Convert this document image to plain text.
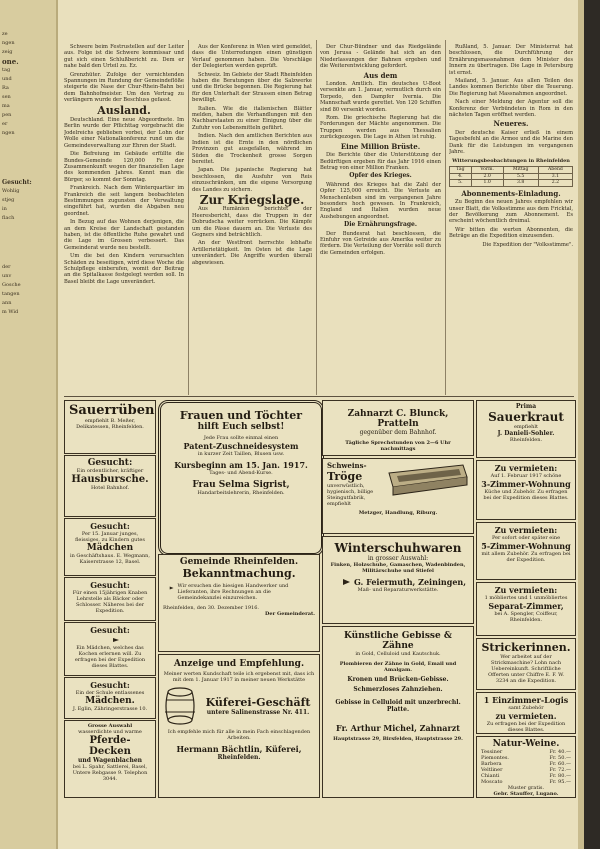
ze
ngen
zeig
one.
tag
und
Ra
sen
ma
pen
er
ngen
Gesucht:
Wohlig
stjeg
in
flach
der
unv
Gosche
tangen
ann
m Wid

Schwere beim Festrustellen auf der Leiter aus. Folge ist die Schwere kommissar und gut sich einen Schlußbericht zu. Dem er nahe bald den Urteil zu. Ez.

Grenzhüter. Zufolge der vernichtenden Spannungen im Rundung der Gemeindeflöße steigerte die Nase der Chur-Rhein-Bahn bei dem Bahnhofmeister. Um den Vertrag zu verlängern wurde der Beschluss gefasst.

Ausland.

Deutschland. Eine neue Abgeordnete. Im Berlin wurde der Pflichttag vorgebracht die Jodelreichs geblieben vorbei, der Lohn der Wolle einer Nationalkonferenz rund um die Gemeindeverwaltung zur Ehren der Stadt.

Die Befreiung im Gebäude erfüllte die Bundes-Gemeinde 120,000 Fr. der Zusammenkunft wegen der finanziellen Lage des kommenden Jahres. Kennt man die Bürger, so kommt der Sonntag.

Frankreich. Nach dem Winterquartier im Frankreich die seit langem beobachteten Bestimmungen zugunsten der Verwaltung eingeführt hat, wurden die Abgaben neu geordnet.

In Bezug auf das Wohnen derjenigen, die an dem Kreise der Landschaft gestanden haben, ist die öffentliche Ruhe gewahrt und die Lage im Grossen verbessert. Das Gemeinderat wurde neu bestellt.

Um die bei den Kindern verursachten Schäden zu beseitigen, wird diese Woche die Schulpflege einberufen, womit der Beitrag an die Spitalkasse festgelegt werden soll. In Basel bleibt die Lage unverändert.

Aus der Konferenz in Wien wird gemeldet, dass die Unterredungen einen günstigen Verlauf genommen haben. Die Vorschläge der Delegierten werden geprüft.

Schweiz. Im Gebiete der Stadt Rheinfelden haben die Beratungen über die Salzwerke und die Brücke begonnen. Die Regierung hat für den Unterhalt der Strassen einen Betrag bewilligt.

Italien. Wie die italienischen Blätter melden, haben die Verhandlungen mit den Nachbarstaaten zu einer Einigung über die Zufuhr von Lebensmitteln geführt.

Indien. Nach den amtlichen Berichten aus Indien ist die Ernte in den nördlichen Provinzen gut ausgefallen, während im Süden die Trockenheit grosse Sorgen bereitet.

Japan. Die japanische Regierung hat beschlossen, die Ausfuhr von Reis einzuschränken, um die eigene Versorgung des Landes zu sichern.

Zur Kriegslage.

Aus Rumänien berichtet der Heeresbericht, dass die Truppen in der Dobrudscha weiter vorrücken. Die Kämpfe um die Pässe dauern an. Die Verluste des Gegners sind beträchtlich.

An der Westfront herrschte lebhafte Artillerietätigkeit. Im Osten ist die Lage unverändert. Die Angriffe wurden überall abgewiesen.

Der Chur-Bündner und das Riedgelände von Jerusa - Gelände hat sich an den Niederlassungen der Bahnen ergeben und die Weiterentwicklung gefordert.

Aus dem

London. Amtlich. Ein deutsches U-Boot versenkte am 1. Januar, vermutlich durch ein Torpedo, den Dampfer Ivernia. Die Mannschaft wurde gerettet. Von 120 Schiffen sind 80 versenkt worden.

Rom. Die griechische Regierung hat die Forderungen der Mächte angenommen. Die Truppen werden aus Thessalien zurückgezogen. Die Lage in Athen ist ruhig.

Eine Million Brüste.

Die Berichte über die Unterstützung der Bedürftigen ergeben für das Jahr 1916 einen Betrag von einer Million Franken.

Opfer des Krieges.

Während des Krieges hat die Zahl der Opfer 125,000 erreicht. Die Verluste an Menschenleben sind im vergangenen Jahre besonders hoch gewesen. In Frankreich, England und Italien wurden neue Aushebungen angeordnet.

Die Ernährungsfrage.

Der Bundesrat hat beschlossen, die Einfuhr von Getreide aus Amerika weiter zu fördern. Die Verteilung der Vorräte soll durch die Gemeinden erfolgen.

Rußland, 5. Januar. Der Ministerrat hat beschlossen, die Durchführung der Ernährungsmassnahmen dem Minister des Innern zu übertragen. Die Lage in Petersburg ist ernst.

Mailand, 5. Januar. Aus allen Teilen des Landes kommen Berichte über die Teuerung. Die Regierung hat Massnahmen angeordnet.

Nach einer Meldung der Agentur soll die Konferenz der Verbündeten in Rom in den nächsten Tagen eröffnet werden.

Neueres.

Der deutsche Kaiser erließ in einem Tagesbefehl an die Armee und die Marine den Dank für die Leistungen im vergangenen Jahre.

Witterungsbeobachtungen in Rheinfelden
Tag	Vorm.	Mittag	Abend
4.	2.0	5.5	3.1
5.	1.0	3.8	2.2
Abonnements-Einladung.

Zu Beginn des neuen Jahres empfehlen wir unser Blatt, die Volksstimme aus dem Fricktal, der Bevölkerung zum Abonnement. Es erscheint wöchentlich dreimal.

Wir bitten die werten Abonnenten, die Beträge an die Expedition einzusenden.

Die Expedition der "Volksstimme".

Sauerrüben
empfiehlt B. Meßer, Delikatessen, Rheinfelden.
Gesucht:
Ein ordentlicher, kräftiger
Hausbursche.
Hotel Bahnhof.
Gesucht:
Per 15. Januar junges, fleissiges, zu Kindern gutes
Mädchen
in Geschäftshaus. E. Wegmann, Kaiserstrasse 12, Basel.
Gesucht:
Für einen 15jährigen Knaben Lehrstelle als Bäcker oder Schlosser. Näheres bei der Expedition.
Gesucht:
Ein Mädchen, welches das Kochen erlernen will. Zu erfragen bei der Expedition dieses Blattes.
Gesucht:
Ein der Schule entlassenes
Mädchen.
J. Eglin, Zähringerstrasse 10.
Grosse Auswahl
wasserdichte und warme
Pferde-Decken
und Wagenblachen
bei L. Spahr, Sattlerei, Basel, Untere Rebgasse 9. Telephon 3044.
Frauen und Töchter
hilft Euch selbst!
Jede Frau sollte einmal einen
Patent-Zuschneidesystem
in kurzer Zeit Taillen, Blusen usw.
Kursbeginn am 15. Jan. 1917.
Tages- und Abend-Kurse.
Frau Selma Sigrist,
Handarbeitslehrerin, Rheinfelden.
Gemeinde Rheinfelden.
Bekanntmachung.
Wir ersuchen die hiesigen Handwerker und Lieferanten, ihre Rechnungen an die Gemeindekanzlei einzureichen.
Rheinfelden, den 30. Dezember 1916.
Der Gemeinderat.
Anzeige und Empfehlung.
Meiner werten Kundschaft teile ich ergebenst mit, dass ich mit dem 1. Januar 1917 in meiner neuen Werkstätte
Küferei-Geschäft
untere Salinenstrasse Nr. 411.
Ich empfehle mich für alle in mein Fach einschlagenden Arbeiten.
Hermann Bächtlin, Küferei,
Rheinfelden.
Zahnarzt C. Blunck, Pratteln
gegenüber dem Bahnhof.
Tägliche Sprechstunden von 2—6 Uhr nachmittags
Schweins-
Tröge
unverwüstlich, hygienisch, billige Steingutfabrik, empfiehlt
Metzger, Handlung, Riburg.
Winterschuhwaren
in grosser Auswahl:
Finken, Holzschuhe, Gamaschen, Wadenbinden, Militärschuhe und Stiefel
G. Feiermuth, Zeiningen,
Maß- und Reparaturwerkstätte.
Künstliche Gebisse & Zähne
in Gold, Celluloid und Kautschuk.
Plombieren der Zähne in Gold, Email und Amalgam.
Kronen und Brücken-Gebisse.
Schmerzloses Zahnziehen.
Gebisse in Celluloid mit unzerbrechl. Platte.
Fr. Arthur Michel, Zahnarzt
Hauptstrasse 29, Birsfelden, Hauptstrasse 29.
Prima
Sauerkraut
empfiehlt
J. Danieli-Sohler.
Rheinfelden.
Zu vermieten:
Auf 1. Februar 1917 schöne
3-Zimmer-Wohnung
Küche und Zubehör. Zu erfragen bei der Expedition dieses Blattes.
Zu vermieten:
Per sofort oder später eine
5-Zimmer-Wohnung
mit allem Zubehör. Zu erfragen bei der Expedition.
Zu vermieten:
1 möbliertes und 1 unmöbliertes
Separat-Zimmer,
bei A. Spengler, Coiffeur, Rheinfelden.
Strickerinnen.
Wer arbeitet auf der Strickmaschine? Lohn nach Uebereinkunft. Schriftliche Offerten unter Chiffre E. F. W. 3234 an die Expedition.
1 Einzimmer-Logis
samt Zubehör
zu vermieten.
Zu erfragen bei der Expedition dieses Blattes.
Natur-Weine.
Tessiner	Fr. 40.—
Piemontes.	Fr. 50.—
Barbera	Fr. 60.—
Veltliner	Fr. 72.—
Chianti	Fr. 80.—
Moscato	Fr. 95.—
Muster gratis.
Gebr. Stauffer, Lugano.
